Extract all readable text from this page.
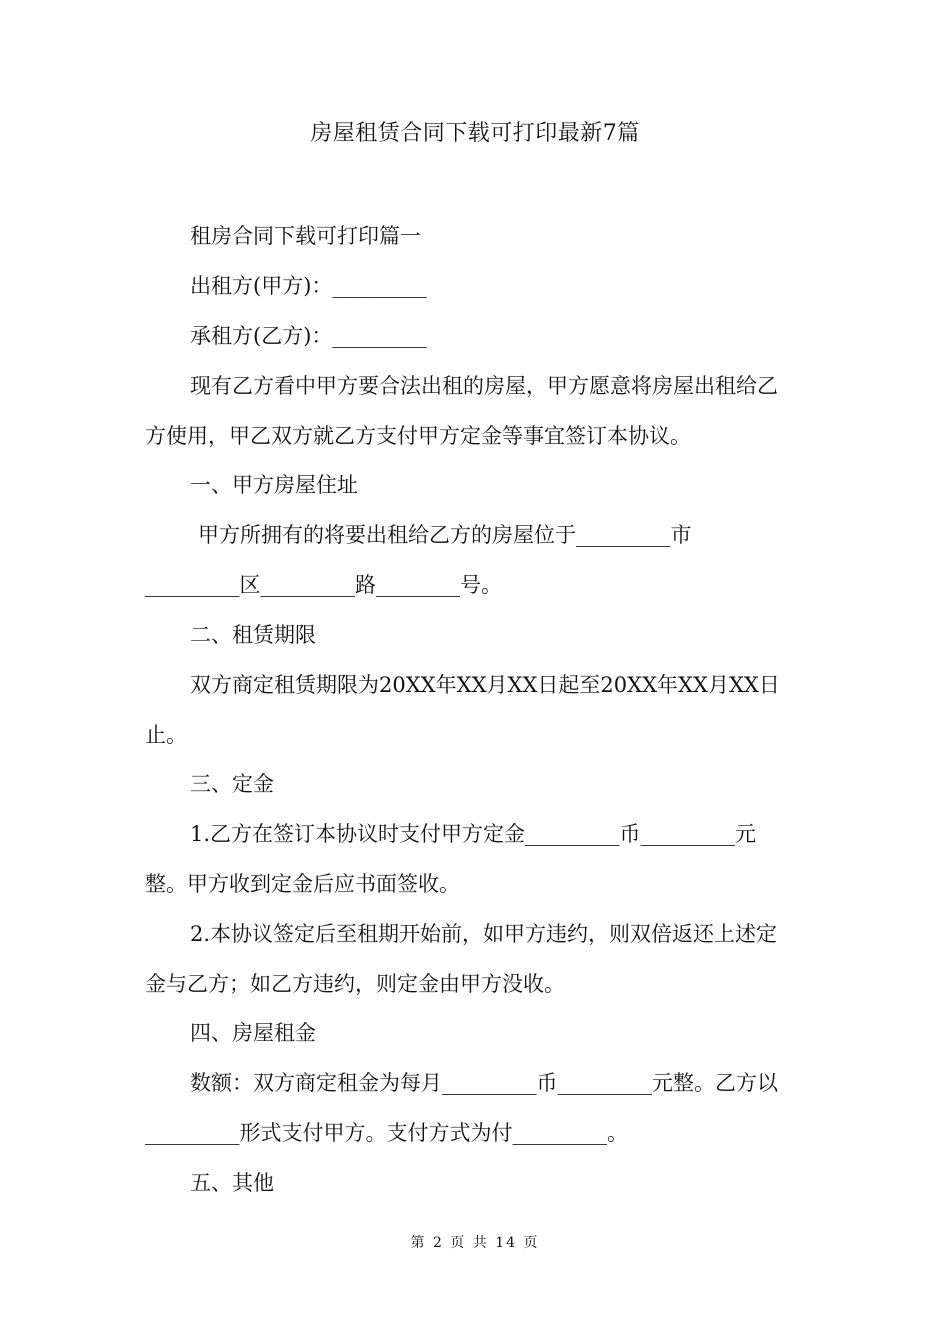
房屋租赁合同下载可打印最新7篇
租房合同下载可打印篇一
出租方(甲方)：_________
承租方(乙方)：_________
现有乙方看中甲方要合法出租的房屋，甲方愿意将房屋出租给乙
方使用，甲乙双方就乙方支付甲方定金等事宜签订本协议。
一、甲方房屋住址
甲方所拥有的将要出租给乙方的房屋位于_________市
_________区_________路________号。
二、租赁期限
双方商定租赁期限为20XX年XX月XX日起至20XX年XX月XX日
止。
三、定金
1.乙方在签订本协议时支付甲方定金_________币_________元
整。甲方收到定金后应书面签收。
2.本协议签定后至租期开始前，如甲方违约，则双倍返还上述定
金与乙方；如乙方违约，则定金由甲方没收。
四、房屋租金
数额：双方商定租金为每月_________币_________元整。乙方以
_________形式支付甲方。支付方式为付_________。
五、其他
第 2 页 共 14 页
